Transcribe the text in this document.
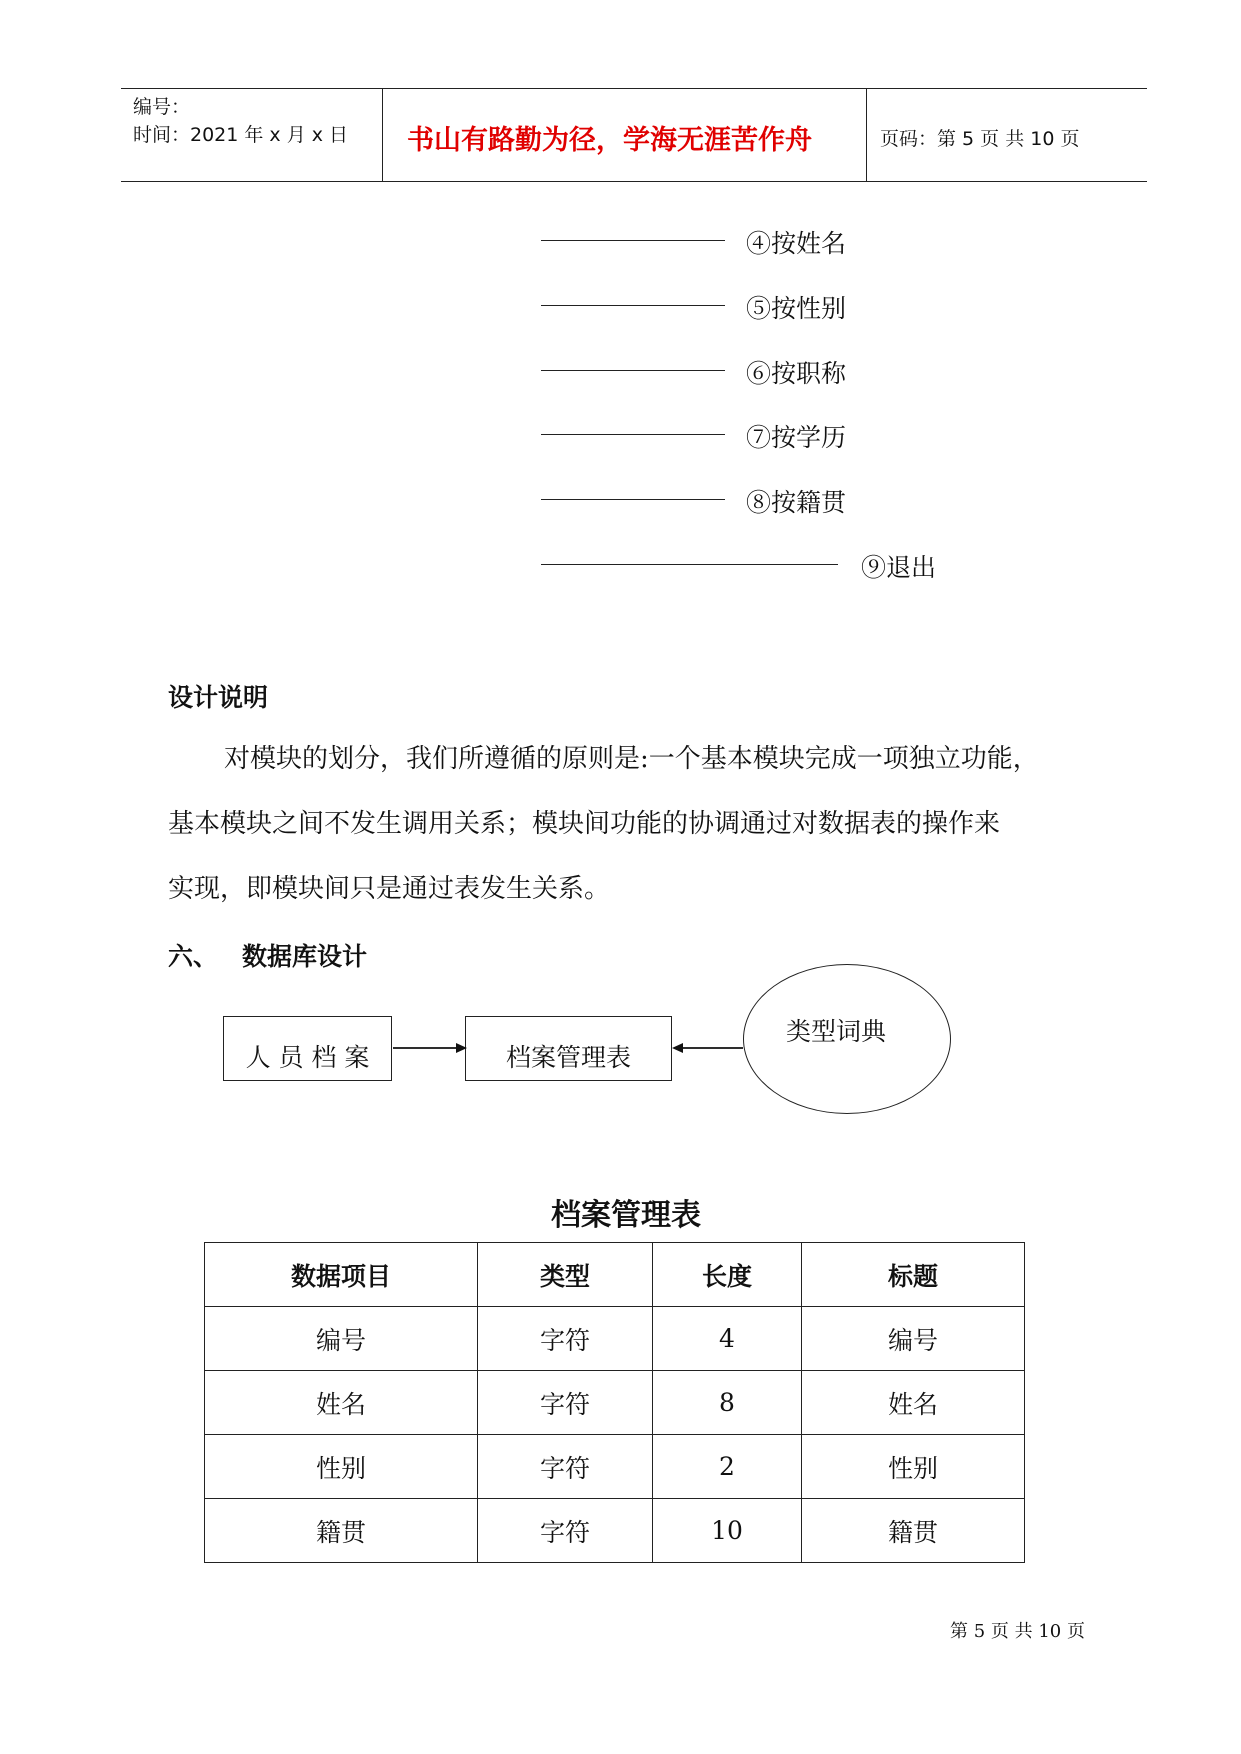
编号：
时间：2021 年 x 月 x 日 书山有路勤为径，学海无涯苦作舟	页码：第 5 页 共 10 页
④按姓名
⑤按性别
⑥按职称
⑦按学历
⑧按籍贯
⑨退出
设计说明
对模块的划分，我们所遵循的原则是:一个基本模块完成一项独立功能，
基本模块之间不发生调用关系；模块间功能的协调通过对数据表的操作来
实现，即模块间只是通过表发生关系。
六、 数据库设计
人 员 档 案	档案管理表
类型词典
档案管理表
数据项目	类型	长度	标题
编号	字符	4	编号
姓名	字符	8	姓名
性别	字符	2	性别
籍贯	字符	10	籍贯
第 5 页 共 10 页
